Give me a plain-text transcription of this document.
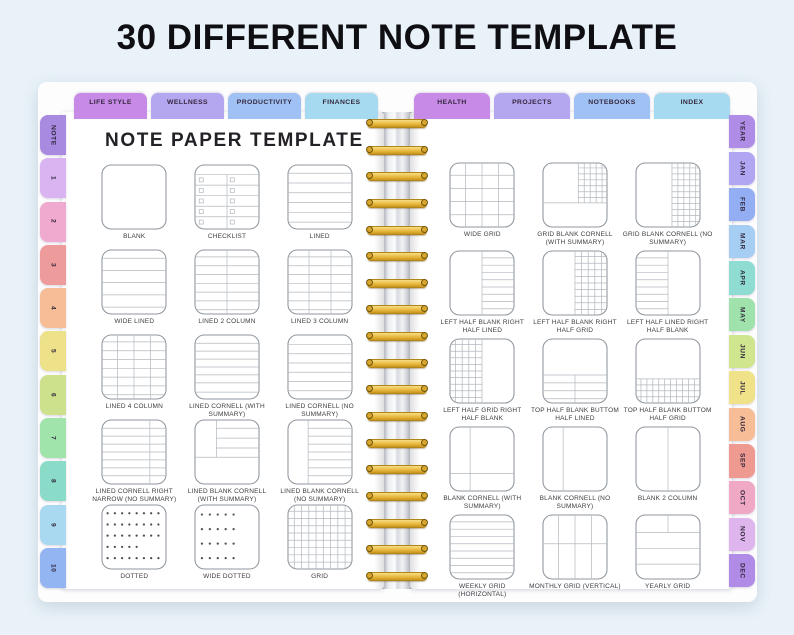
30 DIFFERENT NOTE TEMPLATE
LIFE STYLE	WELLNESS	PRODUCTIVITY	FINANCES	HEALTH	PROJECTS	NOTEBOOKS	INDEX
NOTE
1
2
3
4
5
6
7
8
9
10
YEAR
JAN
FEB
MAR
APR
MAY
JUN
JUL
AUG
SEP
OCT
NOV
DEC
NOTE PAPER TEMPLATE
BLANK	CHECKLIST	LINED
WIDE LINED	LINED 2 COLUMN	LINED 3 COLUMN
LINED 4 COLUMN	LINED CORNELL (WITH SUMMARY)
LINED CORNELL (NO SUMMARY)
LINED CORNELL RIGHT NARROW (NO SUMMARY)
LINED BLANK CORNELL (WITH SUMMARY)
LINED BLANK CORNELL (NO SUMMARY)
DOTTED	WIDE DOTTED	GRID
WIDE GRID	GRID BLANK CORNELL (WITH SUMMARY)
GRID BLANK CORNELL (NO SUMMARY)
LEFT HALF BLANK RIGHT HALF LINED
LEFT HALF BLANK RIGHT HALF GRID
LEFT HALF LINED RIGHT HALF BLANK
LEFT HALF GRID RIGHT HALF BLANK
TOP HALF BLANK BUTTOM HALF LINED
TOP HALF BLANK BUTTOM HALF GRID
BLANK CORNELL (WITH SUMMARY)
BLANK CORNELL (NO SUMMARY)
BLANK 2 COLUMN
WEEKLY GRID (HORIZONTAL)
MONTHLY GRID (VERTICAL)	YEARLY GRID
